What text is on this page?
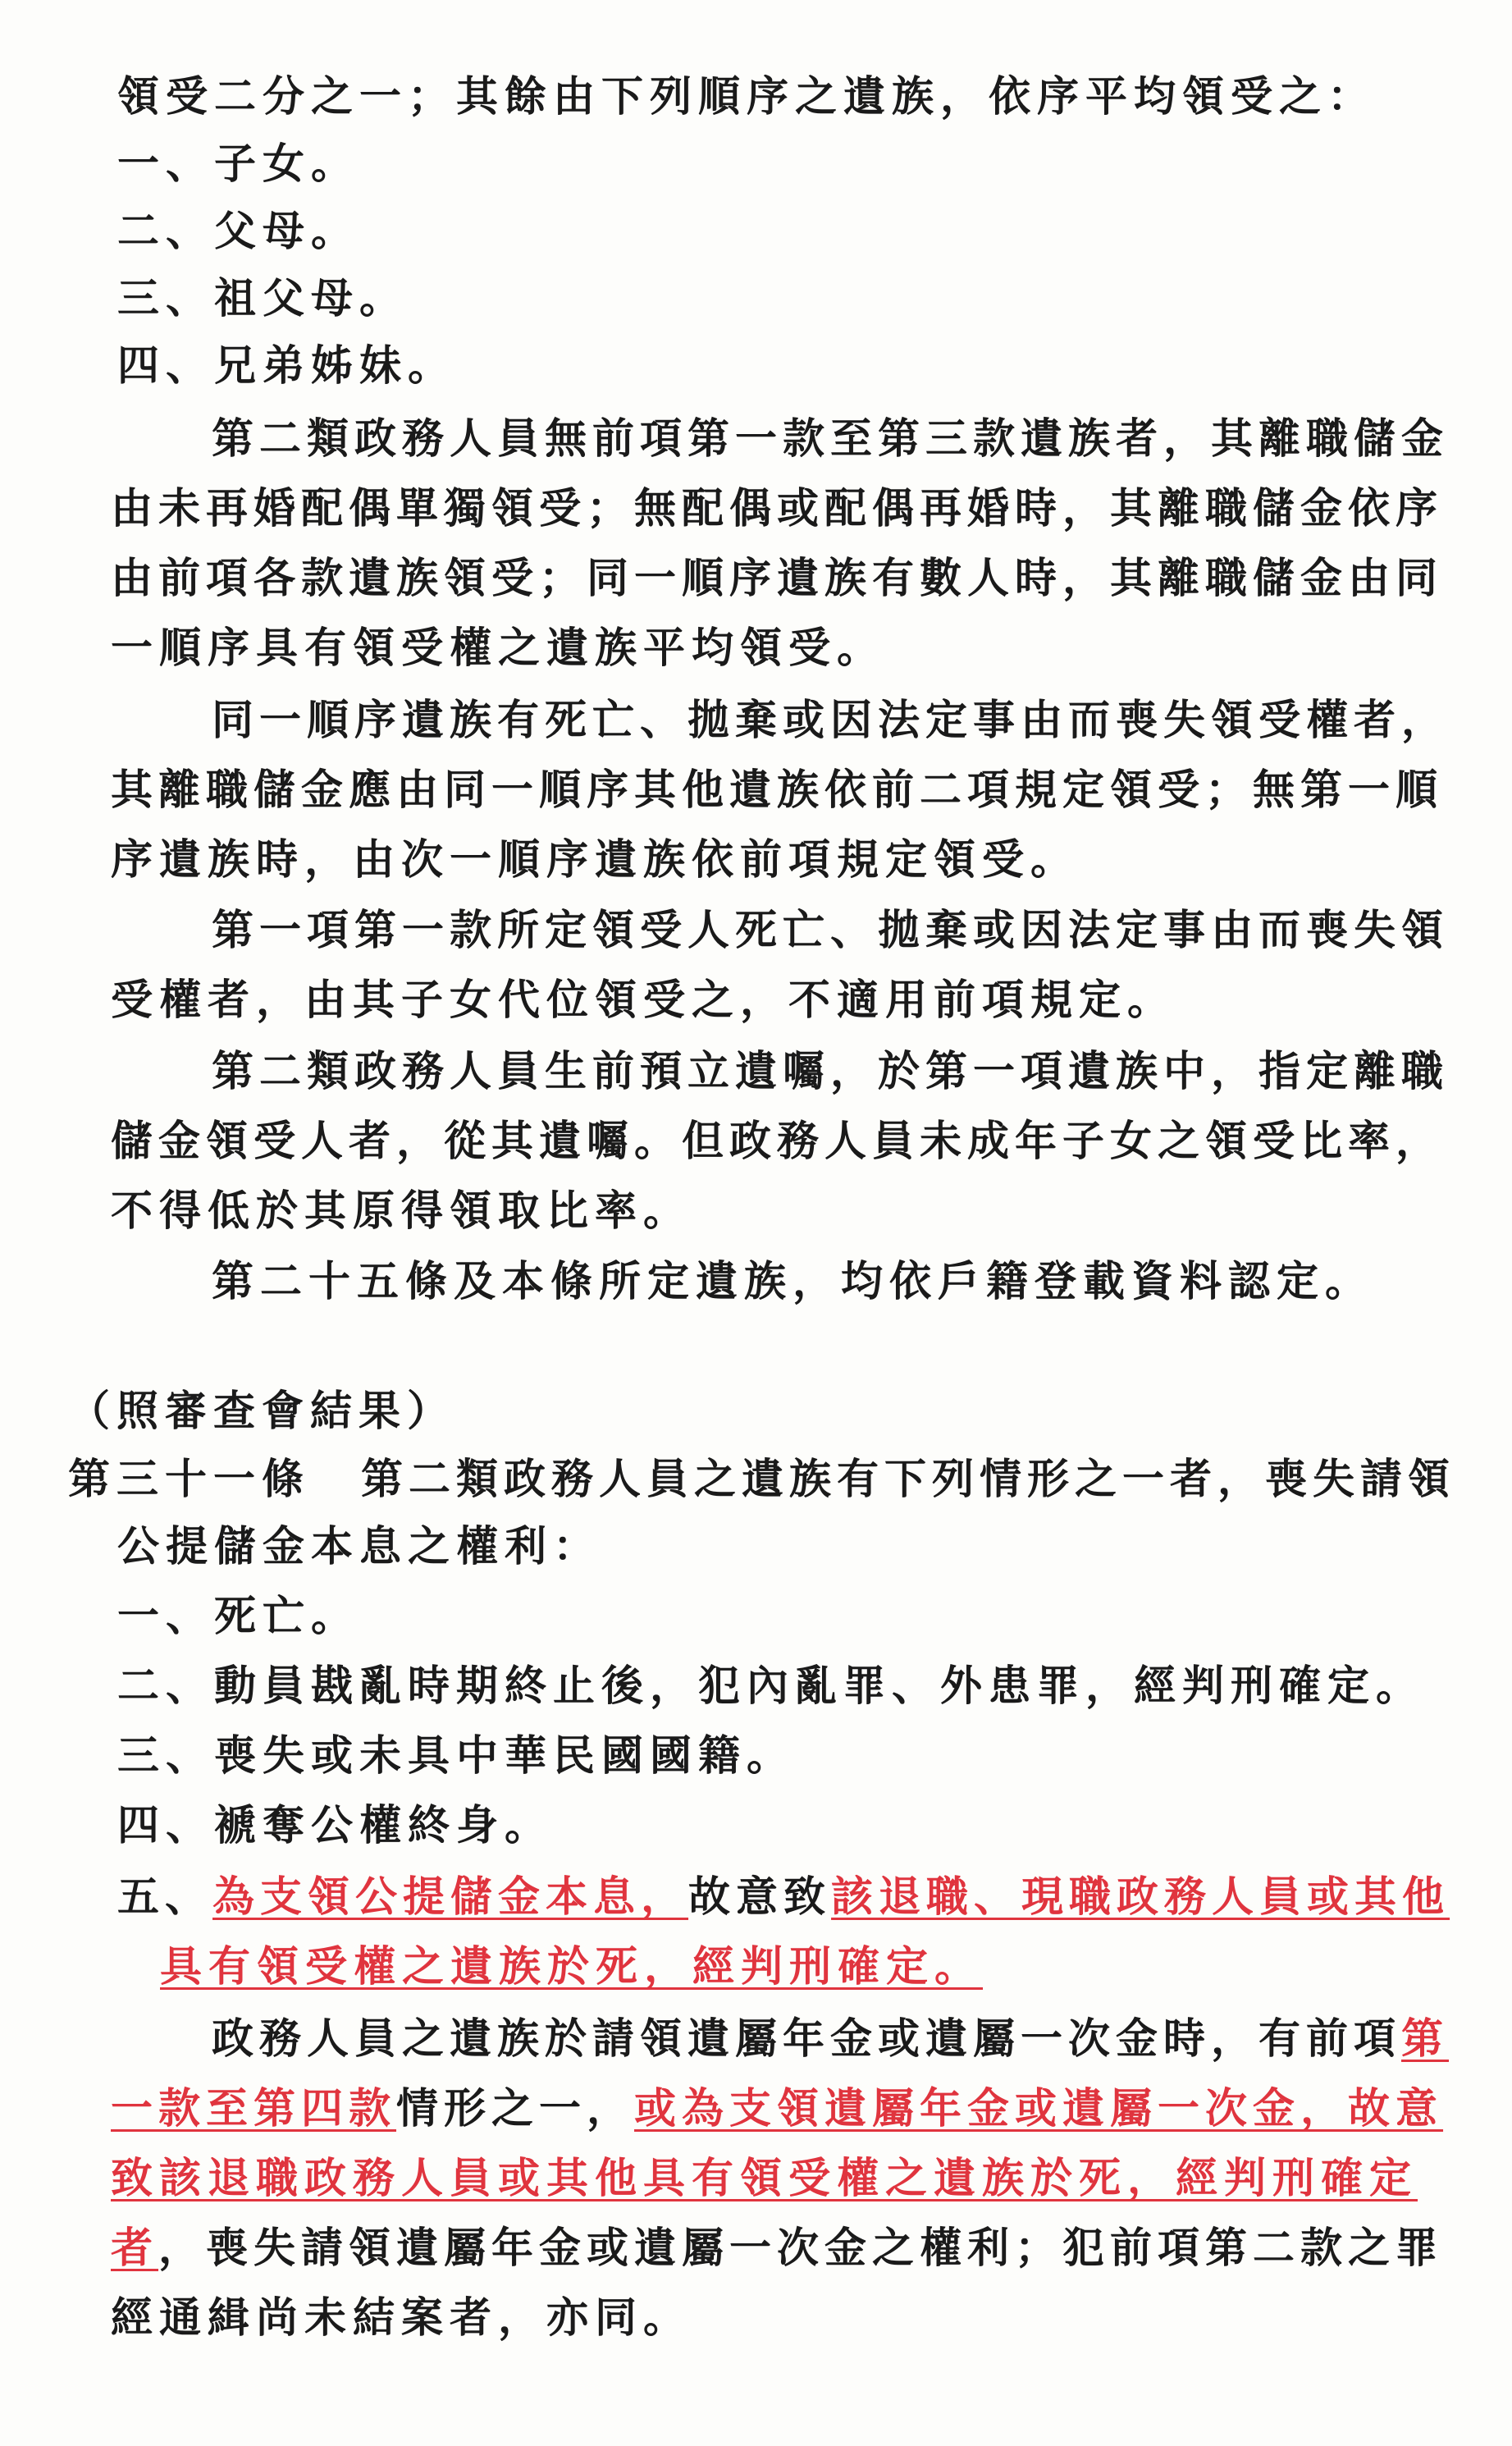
領受二分之一；其餘由下列順序之遺族，依序平均領受之：
一、子女。
二、父母。
三、祖父母。
四、兄弟姊妹。
第二類政務人員無前項第一款至第三款遺族者，其離職儲金
由未再婚配偶單獨領受；無配偶或配偶再婚時，其離職儲金依序
由前項各款遺族領受；同一順序遺族有數人時，其離職儲金由同
一順序具有領受權之遺族平均領受。
同一順序遺族有死亡、拋棄或因法定事由而喪失領受權者，
其離職儲金應由同一順序其他遺族依前二項規定領受；無第一順
序遺族時，由次一順序遺族依前項規定領受。
第一項第一款所定領受人死亡、拋棄或因法定事由而喪失領
受權者，由其子女代位領受之，不適用前項規定。
第二類政務人員生前預立遺囑，於第一項遺族中，指定離職
儲金領受人者，從其遺囑。但政務人員未成年子女之領受比率，
不得低於其原得領取比率。
第二十五條及本條所定遺族，均依戶籍登載資料認定。
（照審查會結果）
第三十一條 第二類政務人員之遺族有下列情形之一者，喪失請領
公提儲金本息之權利：
一、死亡。
二、動員戡亂時期終止後，犯內亂罪、外患罪，經判刑確定。
三、喪失或未具中華民國國籍。
四、褫奪公權終身。
五、為支領公提儲金本息，故意致該退職、現職政務人員或其他
具有領受權之遺族於死，經判刑確定。
政務人員之遺族於請領遺屬年金或遺屬一次金時，有前項第
一款至第四款情形之一，或為支領遺屬年金或遺屬一次金，故意
致該退職政務人員或其他具有領受權之遺族於死，經判刑確定
者，喪失請領遺屬年金或遺屬一次金之權利；犯前項第二款之罪
經通緝尚未結案者，亦同。
